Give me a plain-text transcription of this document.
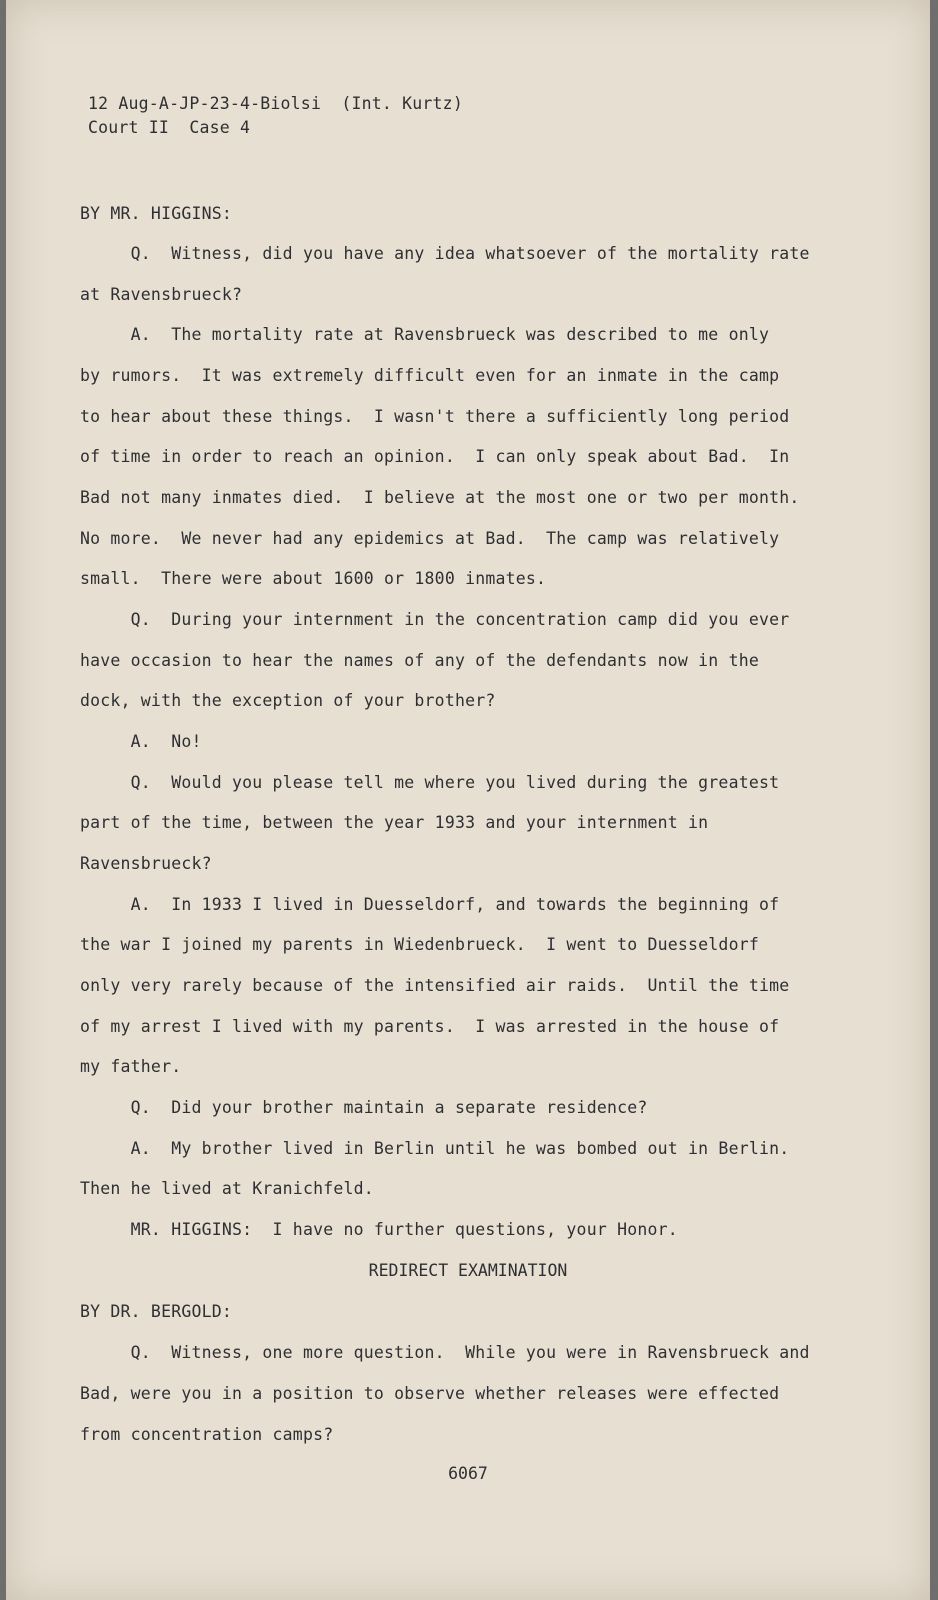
12 Aug-A-JP-23-4-Biolsi  (Int. Kurtz)
Court II  Case 4
BY MR. HIGGINS:
Q.  Witness, did you have any idea whatsoever of the mortality rate
at Ravensbrueck?
A.  The mortality rate at Ravensbrueck was described to me only
by rumors.  It was extremely difficult even for an inmate in the camp
to hear about these things.  I wasn't there a sufficiently long period
of time in order to reach an opinion.  I can only speak about Bad.  In
Bad not many inmates died.  I believe at the most one or two per month.
No more.  We never had any epidemics at Bad.  The camp was relatively
small.  There were about 1600 or 1800 inmates.
Q.  During your internment in the concentration camp did you ever
have occasion to hear the names of any of the defendants now in the
dock, with the exception of your brother?
A.  No!
Q.  Would you please tell me where you lived during the greatest
part of the time, between the year 1933 and your internment in
Ravensbrueck?
A.  In 1933 I lived in Duesseldorf, and towards the beginning of
the war I joined my parents in Wiedenbrueck.  I went to Duesseldorf
only very rarely because of the intensified air raids.  Until the time
of my arrest I lived with my parents.  I was arrested in the house of
my father.
Q.  Did your brother maintain a separate residence?
A.  My brother lived in Berlin until he was bombed out in Berlin.
Then he lived at Kranichfeld.
MR. HIGGINS:  I have no further questions, your Honor.
REDIRECT EXAMINATION
BY DR. BERGOLD:
Q.  Witness, one more question.  While you were in Ravensbrueck and
Bad, were you in a position to observe whether releases were effected
from concentration camps?
6067
